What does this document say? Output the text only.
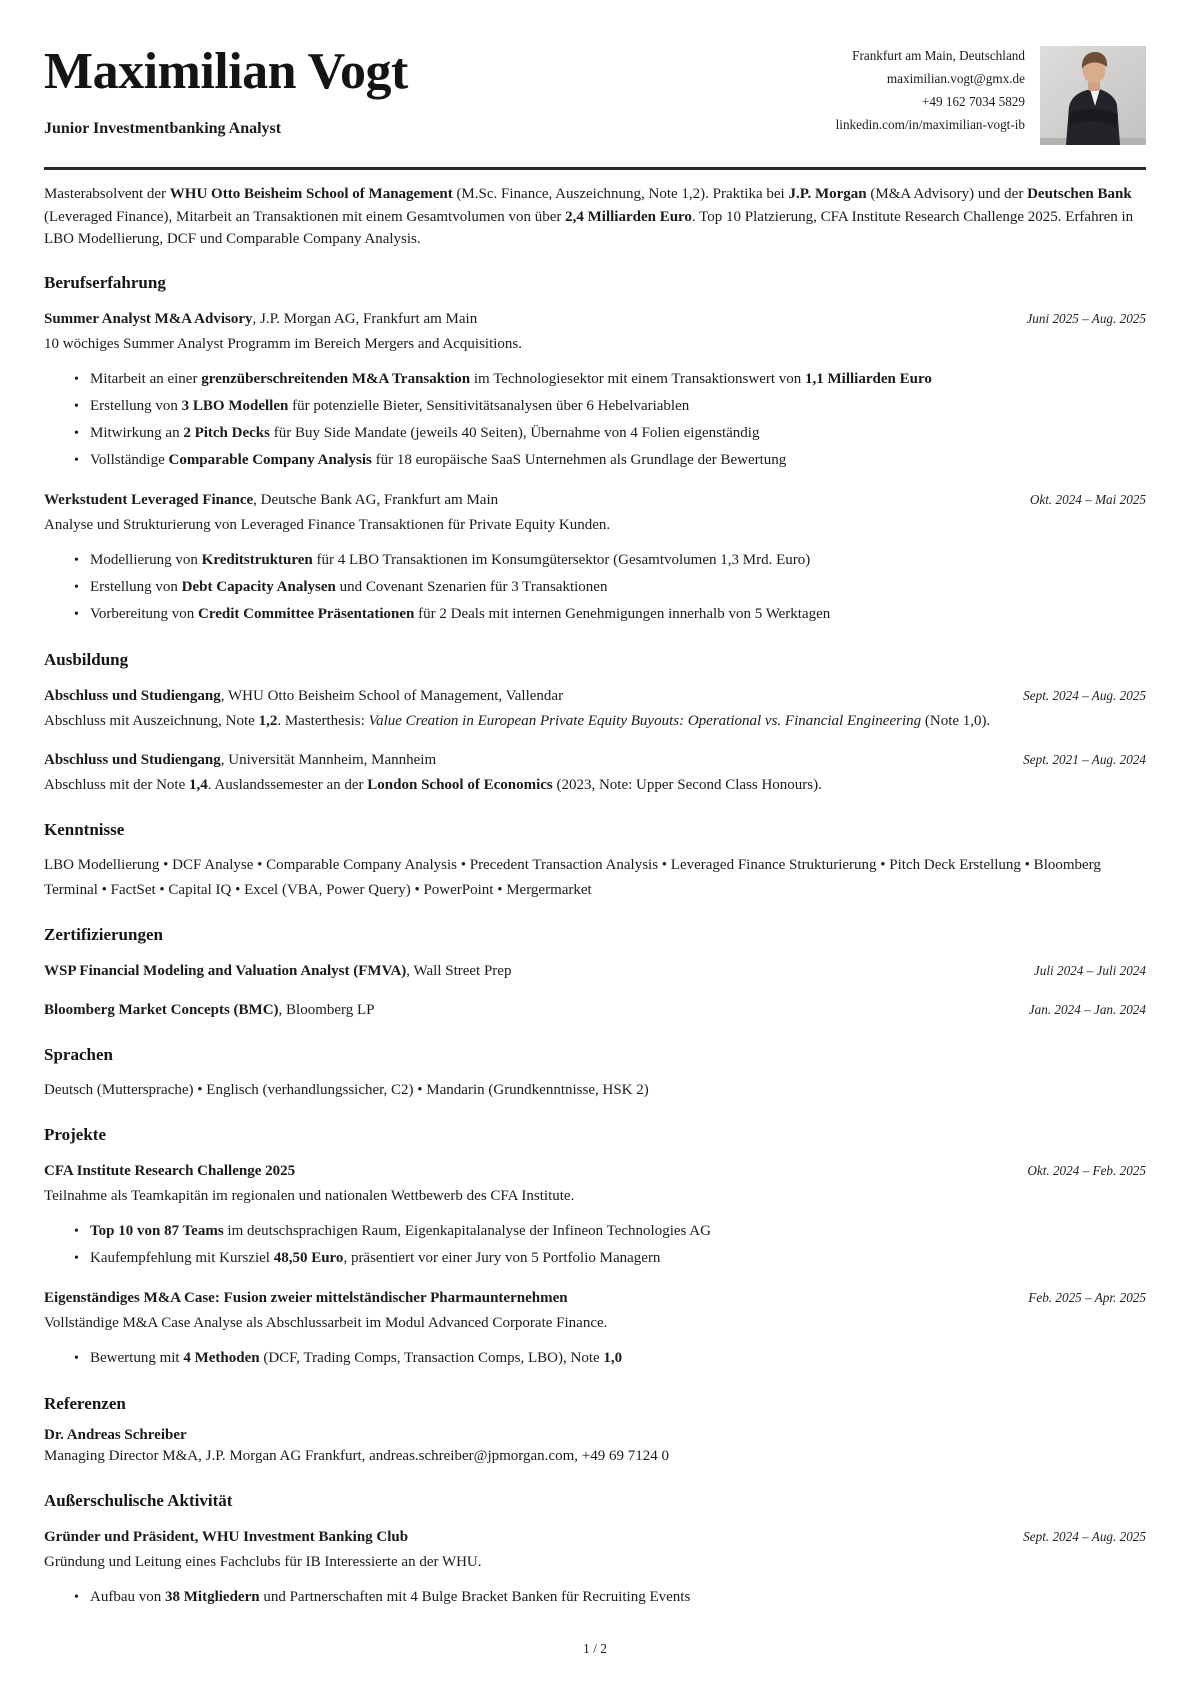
Maximilian Vogt
Junior Investmentbanking Analyst
Frankfurt am Main, Deutschland
maximilian.vogt@gmx.de
+49 162 7034 5829
linkedin.com/in/maximilian-vogt-ib

Masterabsolvent der WHU Otto Beisheim School of Management (M.Sc. Finance, Auszeichnung, Note 1,2). Praktika bei J.P. Morgan (M&A Advisory) und der Deutschen Bank (Leveraged Finance), Mitarbeit an Transaktionen mit einem Gesamtvolumen von über 2,4 Milliarden Euro. Top 10 Platzierung, CFA Institute Research Challenge 2025. Erfahren in LBO Modellierung, DCF und Comparable Company Analysis.

Berufserfahrung

Summer Analyst M&A Advisory, J.P. Morgan AG, Frankfurt am Main	Juni 2025 – Aug. 2025

10 wöchiges Summer Analyst Programm im Bereich Mergers and Acquisitions.

• Mitarbeit an einer grenzüberschreitenden M&A Transaktion im Technologiesektor mit einem Transaktionswert von 1,1 Milliarden Euro
• Erstellung von 3 LBO Modellen für potenzielle Bieter, Sensitivitätsanalysen über 6 Hebelvariablen
• Mitwirkung an 2 Pitch Decks für Buy Side Mandate (jeweils 40 Seiten), Übernahme von 4 Folien eigenständig
• Vollständige Comparable Company Analysis für 18 europäische SaaS Unternehmen als Grundlage der Bewertung

Werkstudent Leveraged Finance, Deutsche Bank AG, Frankfurt am Main	Okt. 2024 – Mai 2025

Analyse und Strukturierung von Leveraged Finance Transaktionen für Private Equity Kunden.

• Modellierung von Kreditstrukturen für 4 LBO Transaktionen im Konsumgütersektor (Gesamtvolumen 1,3 Mrd. Euro)
• Erstellung von Debt Capacity Analysen und Covenant Szenarien für 3 Transaktionen
• Vorbereitung von Credit Committee Präsentationen für 2 Deals mit internen Genehmigungen innerhalb von 5 Werktagen
Ausbildung

Abschluss und Studiengang, WHU Otto Beisheim School of Management, Vallendar	Sept. 2024 – Aug. 2025

Abschluss mit Auszeichnung, Note 1,2. Masterthesis: Value Creation in European Private Equity Buyouts: Operational vs. Financial Engineering (Note 1,0).

Abschluss und Studiengang, Universität Mannheim, Mannheim	Sept. 2021 – Aug. 2024

Abschluss mit der Note 1,4. Auslandssemester an der London School of Economics (2023, Note: Upper Second Class Honours).

Kenntnisse

LBO Modellierung • DCF Analyse • Comparable Company Analysis • Precedent Transaction Analysis • Leveraged Finance Strukturierung • Pitch Deck Erstellung • Bloomberg Terminal • FactSet • Capital IQ • Excel (VBA, Power Query) • PowerPoint • Mergermarket

Zertifizierungen

WSP Financial Modeling and Valuation Analyst (FMVA), Wall Street Prep	Juli 2024 – Juli 2024

Bloomberg Market Concepts (BMC), Bloomberg LP	Jan. 2024 – Jan. 2024
Sprachen

Deutsch (Muttersprache) • Englisch (verhandlungssicher, C2) • Mandarin (Grundkenntnisse, HSK 2)

Projekte

CFA Institute Research Challenge 2025	Okt. 2024 – Feb. 2025

Teilnahme als Teamkapitän im regionalen und nationalen Wettbewerb des CFA Institute.

• Top 10 von 87 Teams im deutschsprachigen Raum, Eigenkapitalanalyse der Infineon Technologies AG
• Kaufempfehlung mit Kursziel 48,50 Euro, präsentiert vor einer Jury von 5 Portfolio Managern

Eigenständiges M&A Case: Fusion zweier mittelständischer Pharmaunternehmen	Feb. 2025 – Apr. 2025

Vollständige M&A Case Analyse als Abschlussarbeit im Modul Advanced Corporate Finance.

• Bewertung mit 4 Methoden (DCF, Trading Comps, Transaction Comps, LBO), Note 1,0
Referenzen

Dr. Andreas Schreiber

Managing Director M&A, J.P. Morgan AG Frankfurt, andreas.schreiber@jpmorgan.com, +49 69 7124 0

Außerschulische Aktivität

Gründer und Präsident, WHU Investment Banking Club	Sept. 2024 – Aug. 2025

Gründung und Leitung eines Fachclubs für IB Interessierte an der WHU.

• Aufbau von 38 Mitgliedern und Partnerschaften mit 4 Bulge Bracket Banken für Recruiting Events
1 / 2
